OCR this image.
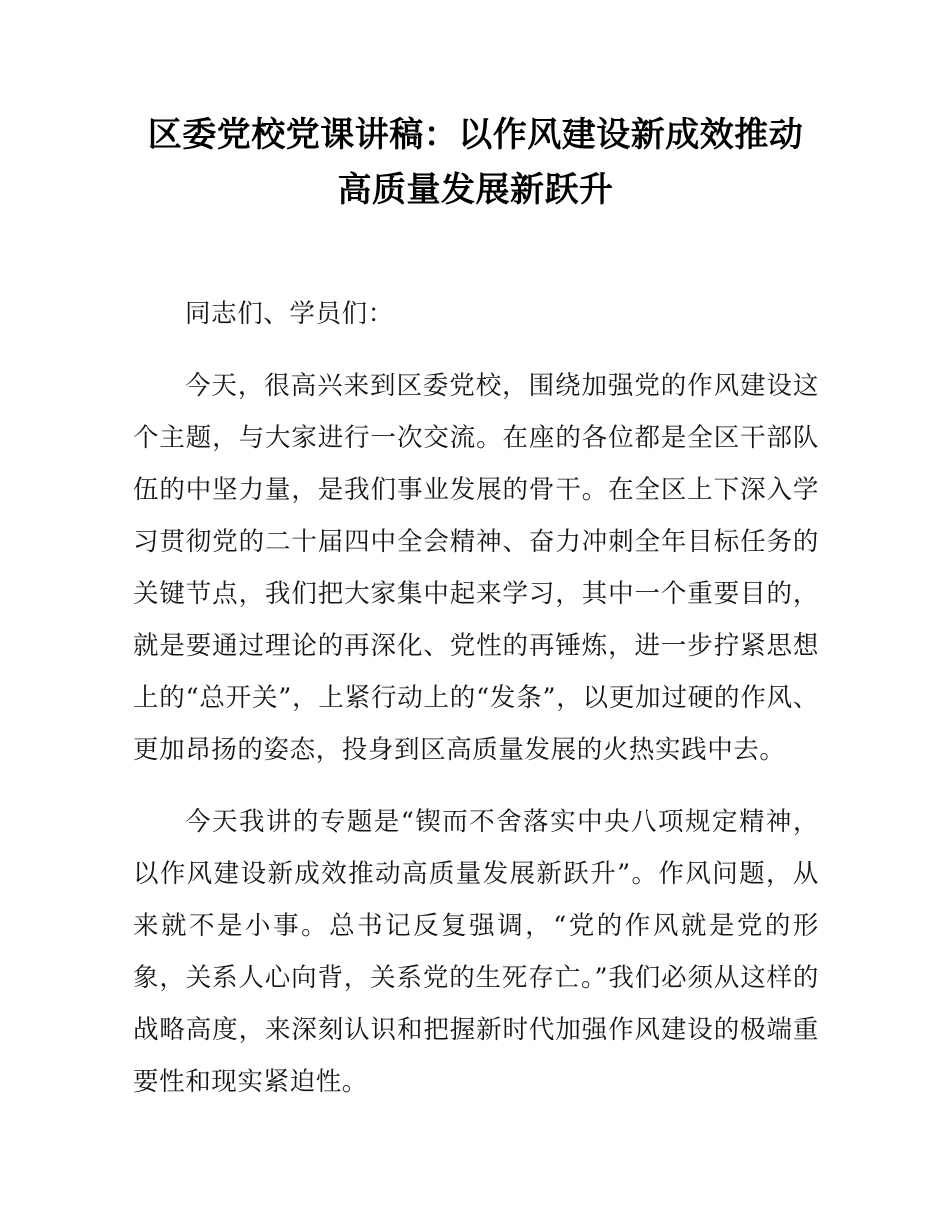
区委党校党课讲稿：以作风建设新成效推动
高质量发展新跃升

同志们、学员们：

今天，很高兴来到区委党校，围绕加强党的作风建设这个主题，与大家进行一次交流。在座的各位都是全区干部队伍的中坚力量，是我们事业发展的骨干。在全区上下深入学习贯彻党的二十届四中全会精神、奋力冲刺全年目标任务的关键节点，我们把大家集中起来学习，其中一个重要目的，就是要通过理论的再深化、党性的再锤炼，进一步拧紧思想上的“总开关”，上紧行动上的“发条”，以更加过硬的作风、更加昂扬的姿态，投身到区高质量发展的火热实践中去。

今天我讲的专题是“锲而不舍落实中央八项规定精神，以作风建设新成效推动高质量发展新跃升”。作风问题，从来就不是小事。总书记反复强调，“党的作风就是党的形象，关系人心向背，关系党的生死存亡。”我们必须从这样的战略高度，来深刻认识和把握新时代加强作风建设的极端重要性和现实紧迫性。
